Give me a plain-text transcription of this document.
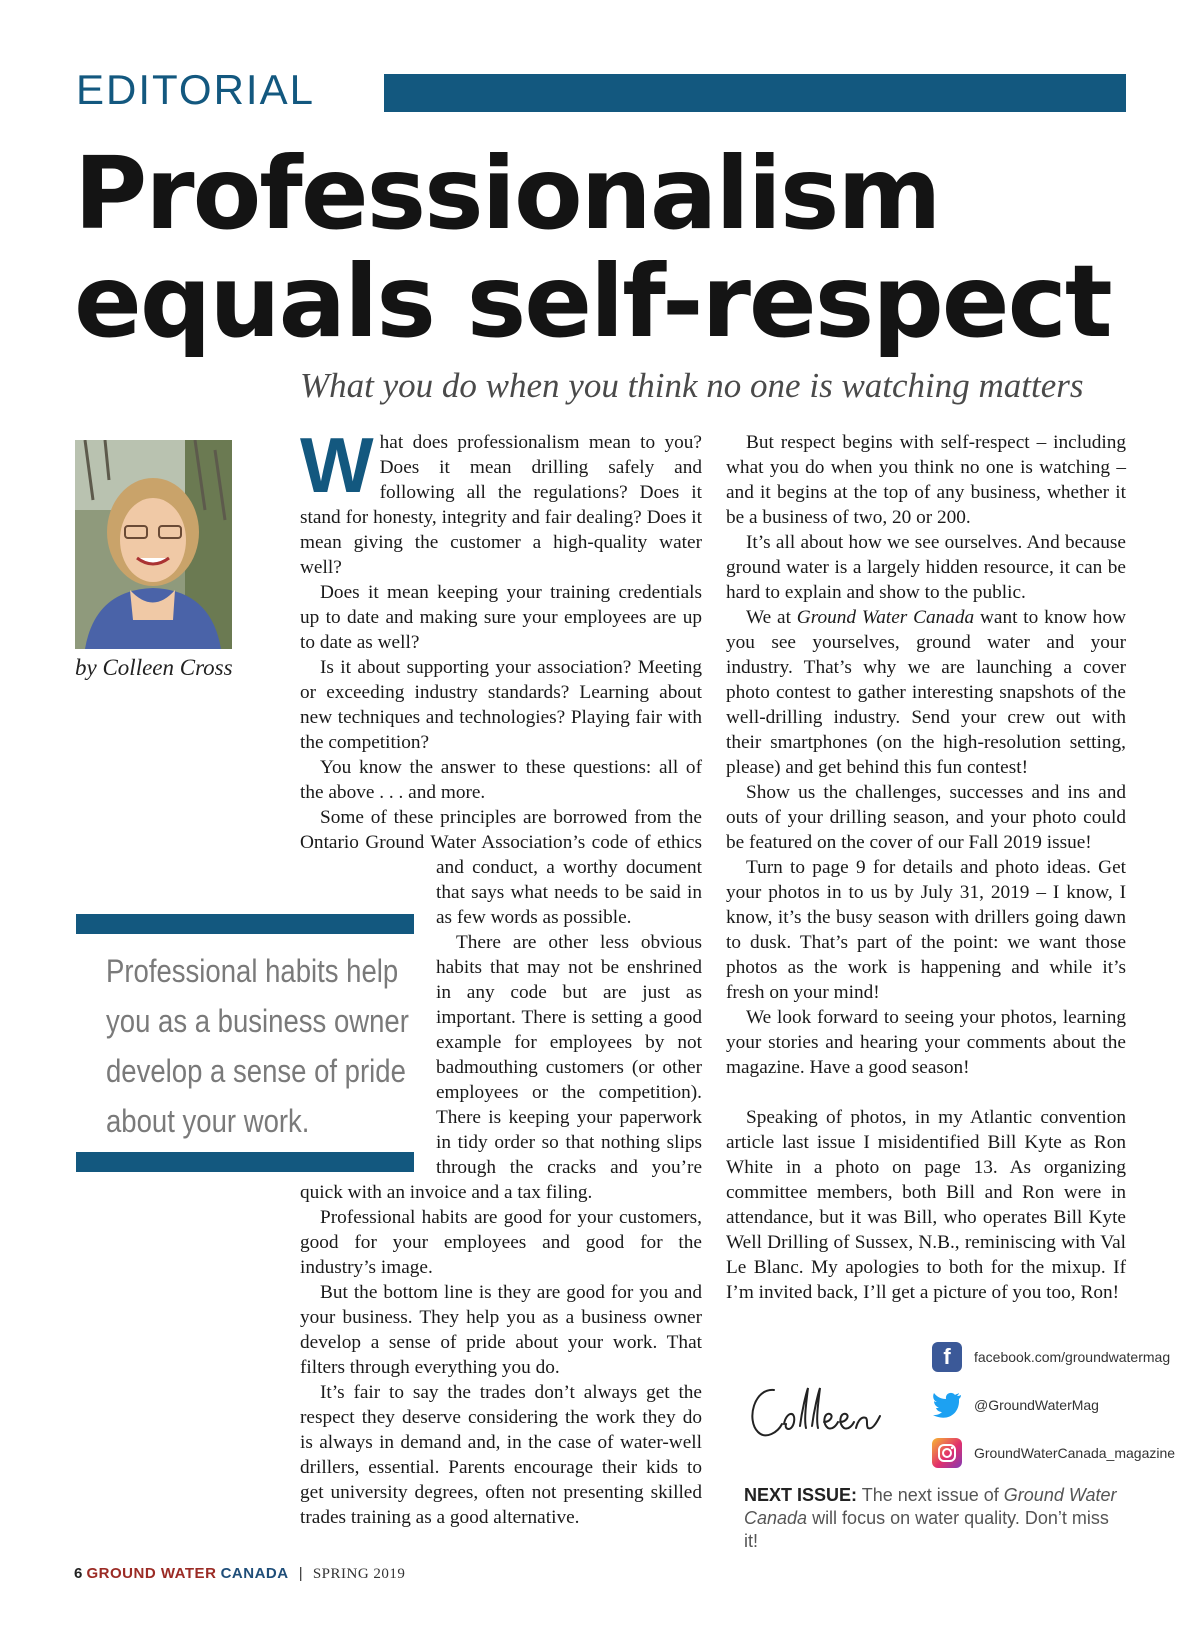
EDITORIAL
Professionalism
equals self-respect

What you do when you think no one is watching matters

by Colleen Cross

What does professionalism mean to you? Does it mean drilling safely and following all the regulations? Does it stand for honesty, integrity and fair dealing? Does it mean giving the customer a high-quality water well?

Does it mean keeping your training credentials up to date and making sure your employees are up to date as well?

Is it about supporting your association? Meeting or exceeding industry standards? Learning about new techniques and technologies? Playing fair with the competition?

You know the answer to these questions: all of the above . . . and more.

Some of these principles are borrowed from the Ontario Ground Water Association’s code of ethics and conduct, a worthy document that says what needs to be said in as few words as possible.

There are other less obvious habits that may not be enshrined in any code but are just as important. There is setting a good example for employees by not badmouthing customers (or other employees or the competition). There is keeping your paperwork in tidy order so that nothing slips through the cracks and you’re quick with an invoice and a tax filing.

Professional habits are good for your customers, good for your employees and good for the industry’s image.

But the bottom line is they are good for you and your business. They help you as a business owner develop a sense of pride about your work. That filters through everything you do.

It’s fair to say the trades don’t always get the respect they deserve considering the work they do is always in demand and, in the case of water-well drillers, essential. Parents encourage their kids to get university degrees, often not presenting skilled trades training as a good alternative.

Professional habits help
you as a business owner
develop a sense of pride
about your work.

But respect begins with self-respect – including what you do when you think no one is watching – and it begins at the top of any business, whether it be a business of two, 20 or 200.

It’s all about how we see ourselves. And because ground water is a largely hidden resource, it can be hard to explain and show to the public.

We at Ground Water Canada want to know how you see yourselves, ground water and your industry. That’s why we are launching a cover photo contest to gather interesting snapshots of the well-drilling industry. Send your crew out with their smartphones (on the high-resolution setting, please) and get behind this fun contest!

Show us the challenges, successes and ins and outs of your drilling season, and your photo could be featured on the cover of our Fall 2019 issue!

Turn to page 9 for details and photo ideas. Get your photos in to us by July 31, 2019 – I know, I know, it’s the busy season with drillers going dawn to dusk. That’s part of the point: we want those photos as the work is happening and while it’s fresh on your mind!

We look forward to seeing your photos, learning your stories and hearing your comments about the magazine. Have a good season!

Speaking of photos, in my Atlantic convention article last issue I misidentified Bill Kyte as Ron White in a photo on page 13. As organizing committee members, both Bill and Ron were in attendance, but it was Bill, who operates Bill Kyte Well Drilling of Sussex, N.B., reminiscing with Val Le Blanc. My apologies to both for the mixup. If I’m invited back, I’ll get a picture of you too, Ron!

f	facebook.com/groundwatermag
@GroundWaterMag
GroundWaterCanada_magazine

NEXT ISSUE: The next issue of Ground Water Canada will focus on water quality. Don’t miss it!

6 GROUND WATER CANADA | SPRING 2019
